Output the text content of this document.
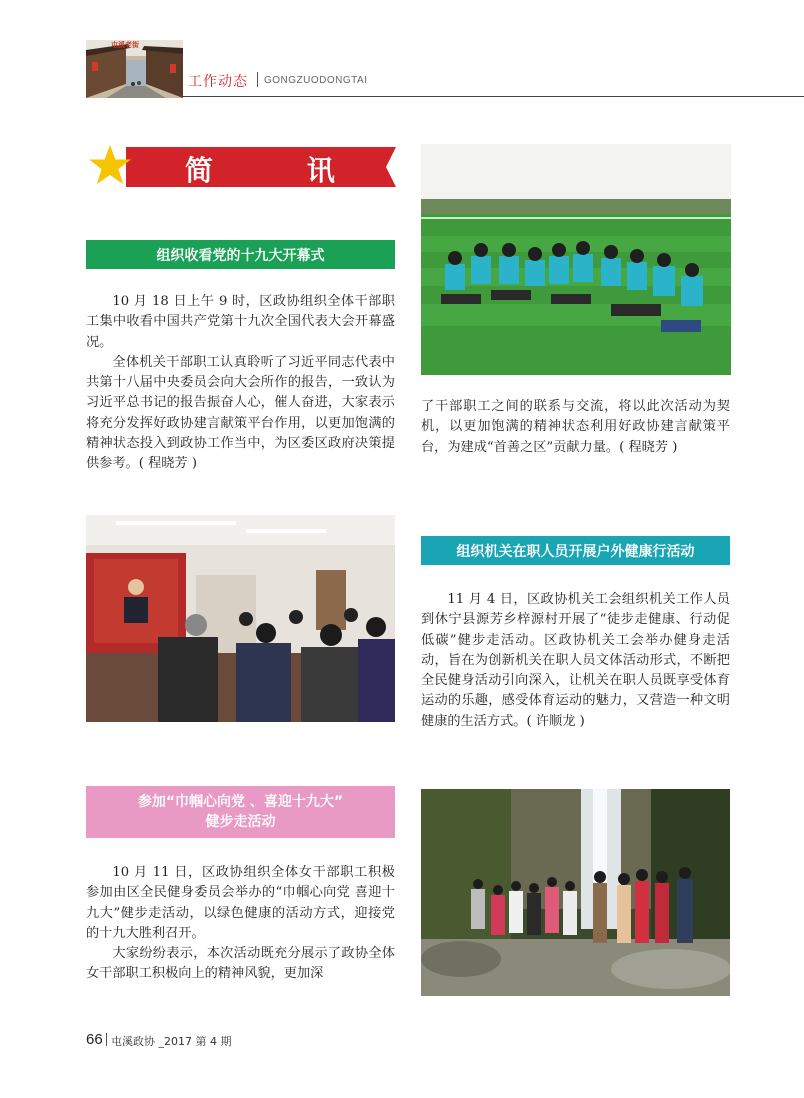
屯溪老街
工作动态 GONGZUODONGTAI
简 讯
组织收看党的十九大开幕式

10 月 18 日上午 9 时，区政协组织全体干部职工集中收看中国共产党第十九次全国代表大会开幕盛况。

全体机关干部职工认真聆听了习近平同志代表中共第十八届中央委员会向大会所作的报告，一致认为习近平总书记的报告振奋人心，催人奋进，大家表示将充分发挥好政协建言献策平台作用，以更加饱满的精神状态投入到政协工作当中，为区委区政府决策提供参考。( 程晓芳 )

参加“巾帼心向党 、喜迎十九大”
健步走活动

10 月 11 日，区政协组织全体女干部职工积极参加由区全民健身委员会举办的“巾帼心向党 喜迎十九大”健步走活动，以绿色健康的活动方式，迎接党的十九大胜利召开。

大家纷纷表示，本次活动既充分展示了政协全体女干部职工积极向上的精神风貌，更加深

了干部职工之间的联系与交流，将以此次活动为契机，以更加饱满的精神状态利用好政协建言献策平台，为建成“首善之区”贡献力量。( 程晓芳 )

组织机关在职人员开展户外健康行活动

11 月 4 日，区政协机关工会组织机关工作人员到休宁县源芳乡梓源村开展了“徒步走健康、行动促低碳”健步走活动。区政协机关工会举办健身走活动，旨在为创新机关在职人员文体活动形式，不断把全民健身活动引向深入，让机关在职人员既享受体育运动的乐趣，感受体育运动的魅力，又营造一种文明健康的生活方式。( 许顺龙 )

66 屯溪政协 _2017 第 4 期
